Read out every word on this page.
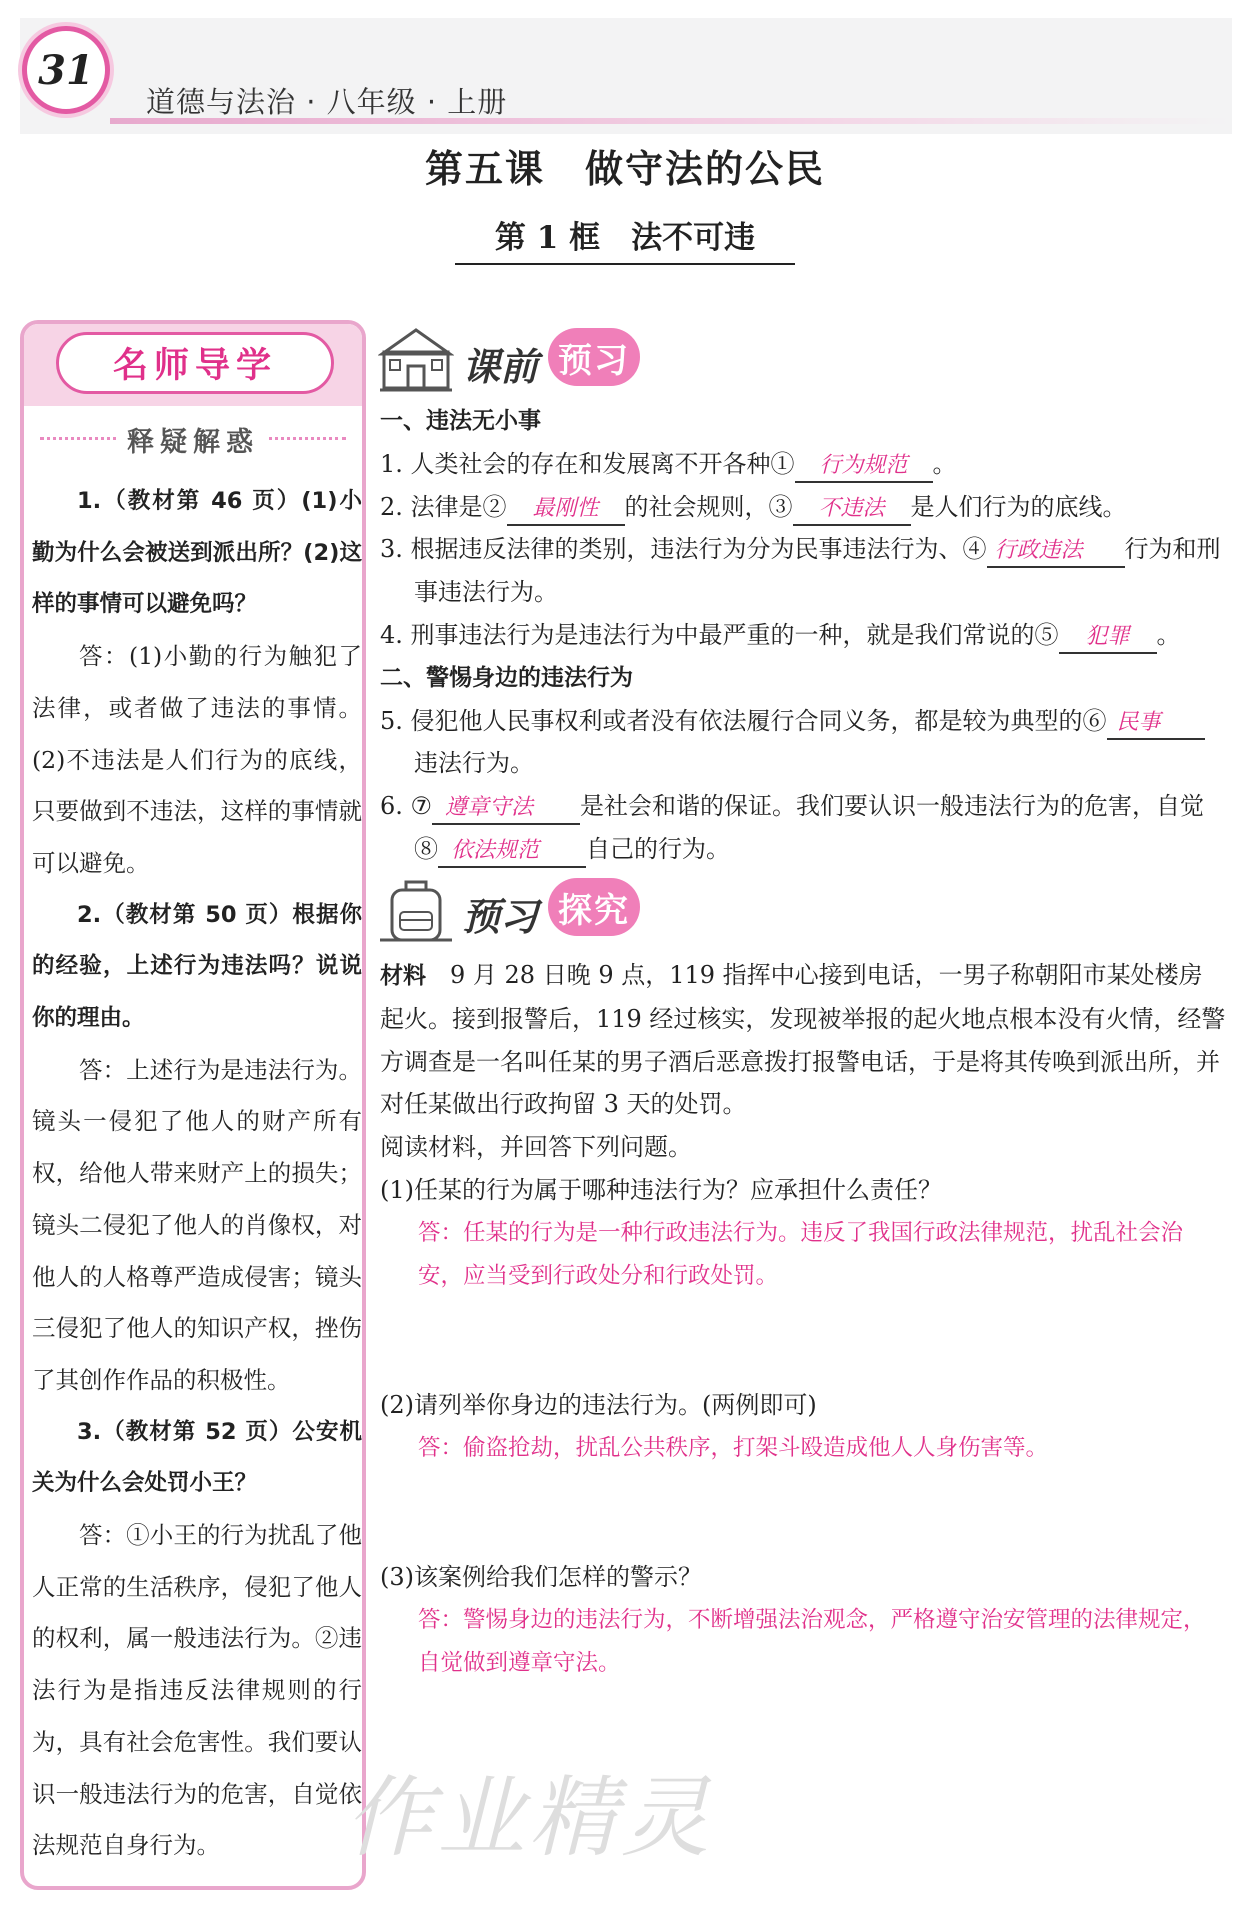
31
道德与法治 · 八年级 · 上册
第五课　做守法的公民
第 1 框　法不可违
名师导学
释疑解惑

1.（教材第 46 页）(1)小勤为什么会被送到派出所？(2)这样的事情可以避免吗？

答：(1)小勤的行为触犯了法律，或者做了违法的事情。(2)不违法是人们行为的底线，只要做到不违法，这样的事情就可以避免。

2.（教材第 50 页）根据你的经验，上述行为违法吗？说说你的理由。

答：上述行为是违法行为。镜头一侵犯了他人的财产所有权，给他人带来财产上的损失；镜头二侵犯了他人的肖像权，对他人的人格尊严造成侵害；镜头三侵犯了他人的知识产权，挫伤了其创作作品的积极性。

3.（教材第 52 页）公安机关为什么会处罚小王？

答：①小王的行为扰乱了他人正常的生活秩序，侵犯了他人的权利，属一般违法行为。②违法行为是指违反法律规则的行为，具有社会危害性。我们要认识一般违法行为的危害，自觉依法规范自身行为。

课前 预习

一、违法无小事

1. 人类社会的存在和发展离不开各种① 行为规范 。

2. 法律是② 最刚性 的社会规则，③ 不违法 是人们行为的底线。

3. 根据违反法律的类别，违法行为分为民事违法行为、④ 行政违法 行为和刑事违法行为。

4. 刑事违法行为是违法行为中最严重的一种，就是我们常说的⑤ 犯罪 。

二、警惕身边的违法行为

5. 侵犯他人民事权利或者没有依法履行合同义务，都是较为典型的⑥ 民事违法行为。

6. ⑦ 遵章守法 是社会和谐的保证。我们要认识一般违法行为的危害，自觉⑧ 依法规范 自己的行为。

预习 探究

材料　 9 月 28 日晚 9 点，119 指挥中心接到电话，一男子称朝阳市某处楼房起火。接到报警后，119 经过核实，发现被举报的起火地点根本没有火情，经警方调查是一名叫任某的男子酒后恶意拨打报警电话，于是将其传唤到派出所，并对任某做出行政拘留 3 天的处罚。

阅读材料，并回答下列问题。

(1)任某的行为属于哪种违法行为？应承担什么责任？

答：任某的行为是一种行政违法行为。违反了我国行政法律规范，扰乱社会治安，应当受到行政处分和行政处罚。

(2)请列举你身边的违法行为。(两例即可)

答：偷盗抢劫，扰乱公共秩序，打架斗殴造成他人人身伤害等。

(3)该案例给我们怎样的警示？

答：警惕身边的违法行为，不断增强法治观念，严格遵守治安管理的法律规定，自觉做到遵章守法。

作业精灵
